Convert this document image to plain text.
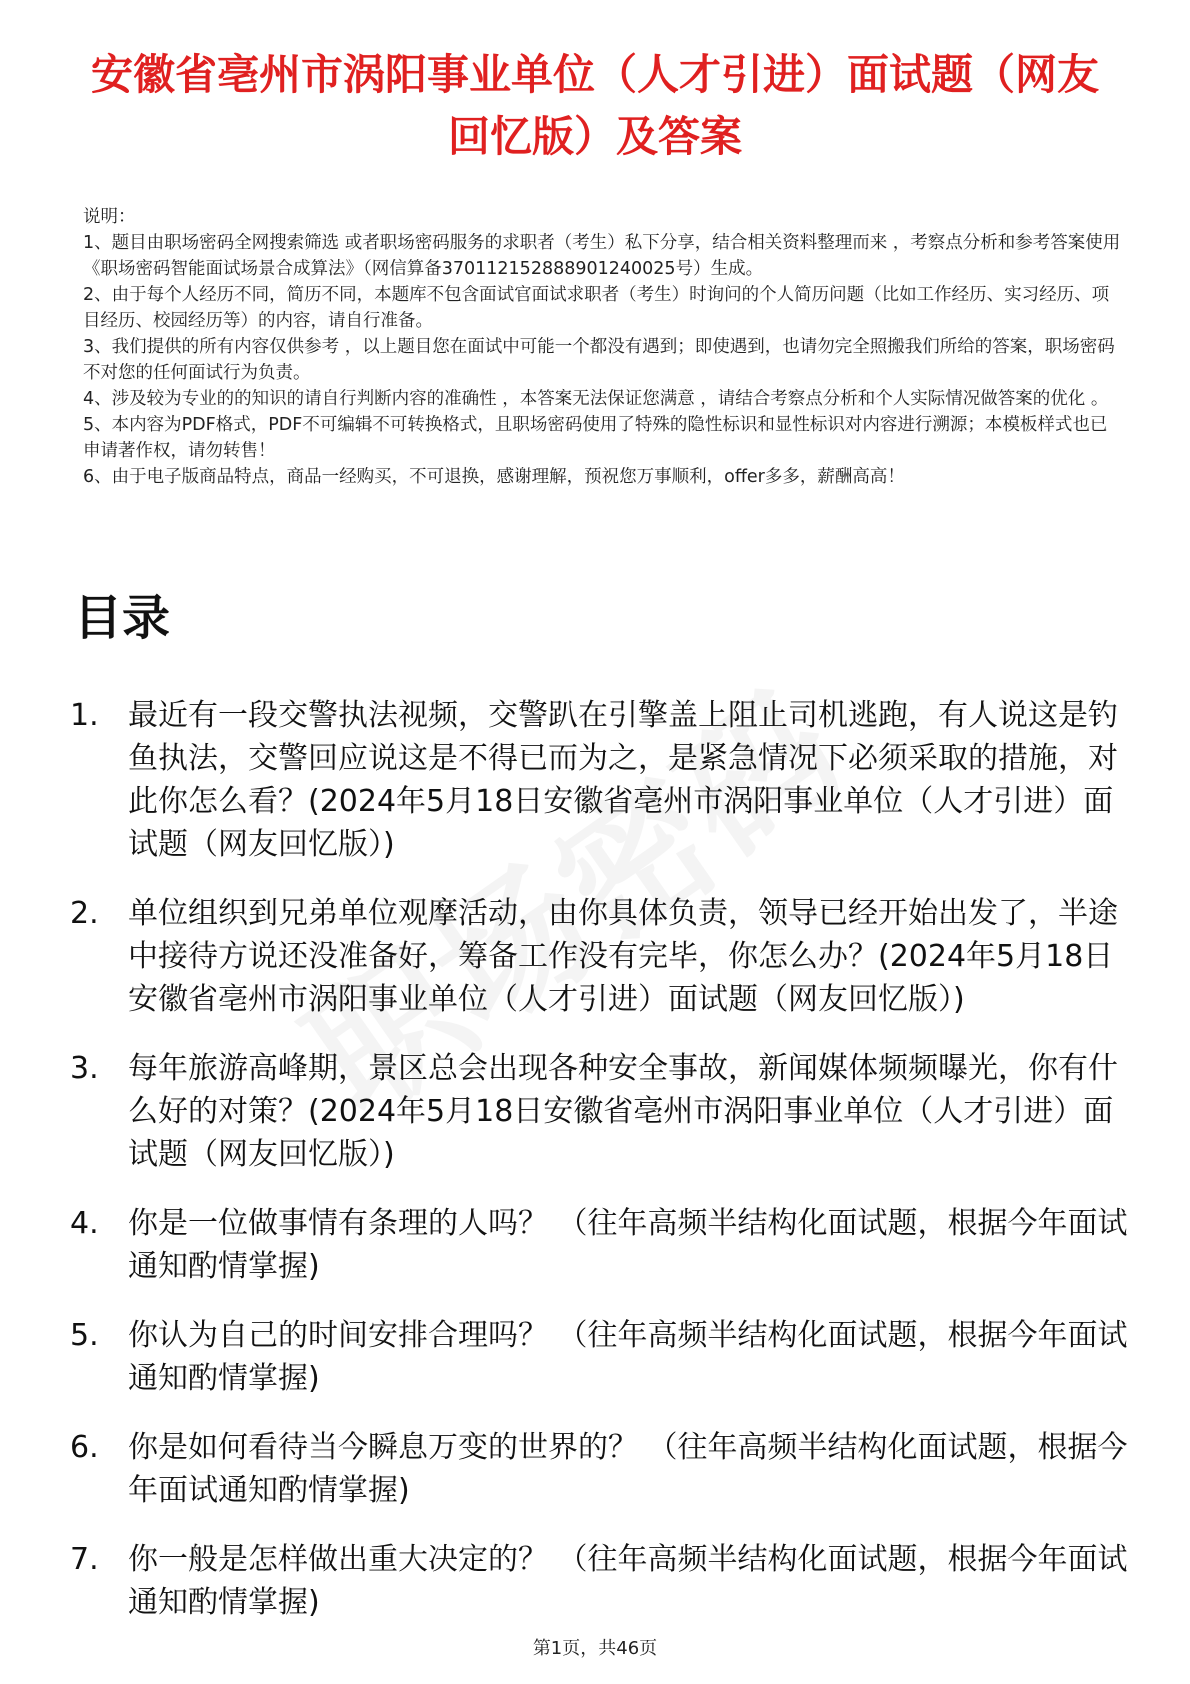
安徽省亳州市涡阳事业单位（人才引进）面试题（网友回忆版）及答案

说明：

1、题目由职场密码全网搜索筛选 或者职场密码服务的求职者（考生）私下分享，结合相关资料整理而来 ，考察点分析和参考答案使用《职场密码智能面试场景合成算法》（网信算备370112152888901240025号）生成。

2、由于每个人经历不同，简历不同，本题库不包含面试官面试求职者（考生）时询问的个人简历问题（比如工作经历、实习经历、项目经历、校园经历等）的内容，请自行准备。

3、我们提供的所有内容仅供参考 ，以上题目您在面试中可能一个都没有遇到；即使遇到，也请勿完全照搬我们所给的答案，职场密码不对您的任何面试行为负责。

4、涉及较为专业的的知识的请自行判断内容的准确性 ，本答案无法保证您满意 ，请结合考察点分析和个人实际情况做答案的优化 。

5、本内容为PDF格式，PDF不可编辑不可转换格式，且职场密码使用了特殊的隐性标识和显性标识对内容进行溯源；本模板样式也已申请著作权，请勿转售！

6、由于电子版商品特点，商品一经购买，不可退换，感谢理解，预祝您万事顺利，offer多多，薪酬高高！

目录
1. 最近有一段交警执法视频，交警趴在引擎盖上阻止司机逃跑，有人说这是钓鱼执法，交警回应说这是不得已而为之，是紧急情况下必须采取的措施，对此你怎么看？(2024年5月18日安徽省亳州市涡阳事业单位（人才引进）面试题（网友回忆版）)
2. 单位组织到兄弟单位观摩活动，由你具体负责，领导已经开始出发了，半途中接待方说还没准备好，筹备工作没有完毕，你怎么办？(2024年5月18日安徽省亳州市涡阳事业单位（人才引进）面试题（网友回忆版）)
3. 每年旅游高峰期，景区总会出现各种安全事故，新闻媒体频频曝光，你有什么好的对策？(2024年5月18日安徽省亳州市涡阳事业单位（人才引进）面试题（网友回忆版）)
4. 你是一位做事情有条理的人吗？ （往年高频半结构化面试题，根据今年面试通知酌情掌握)
5. 你认为自己的时间安排合理吗？ （往年高频半结构化面试题，根据今年面试通知酌情掌握)
6. 你是如何看待当今瞬息万变的世界的？ （往年高频半结构化面试题，根据今年面试通知酌情掌握)
7. 你一般是怎样做出重大决定的？ （往年高频半结构化面试题，根据今年面试通知酌情掌握)
第1页，共46页
